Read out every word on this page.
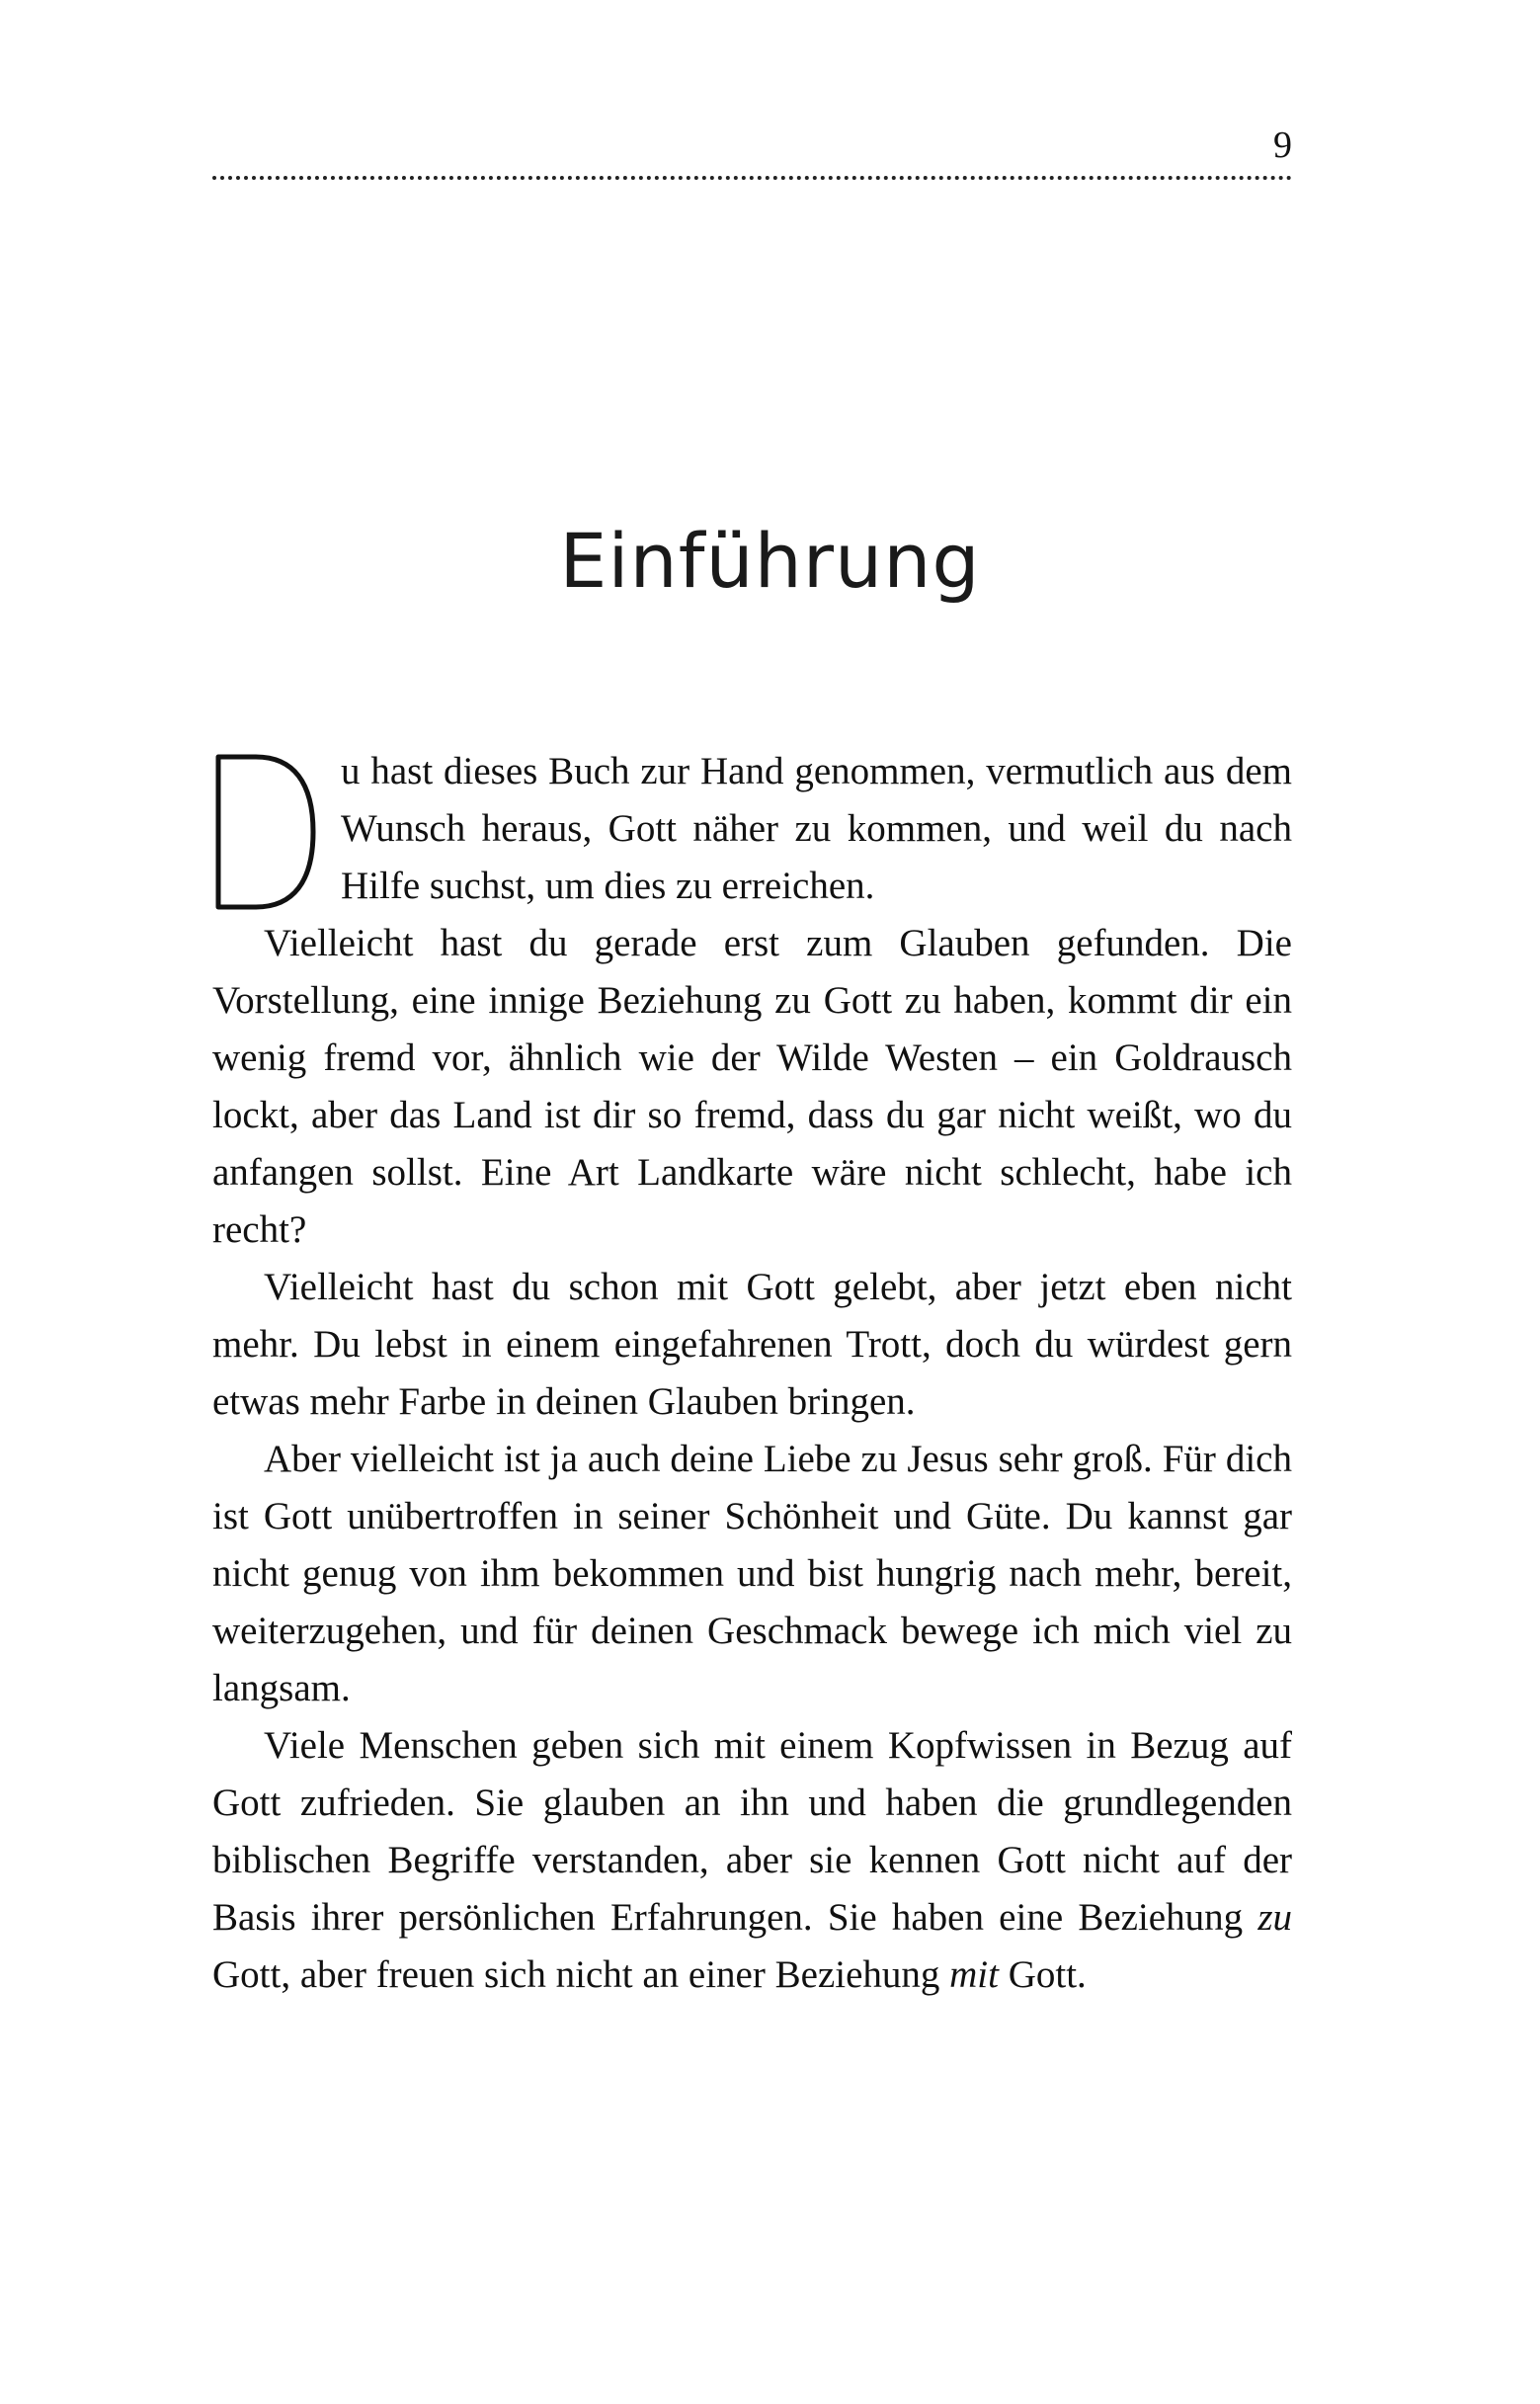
9
Einführung

u hast dieses Buch zur Hand genommen, vermutlich aus dem Wunsch heraus, Gott näher zu kommen, und weil du nach Hilfe suchst, um dies zu erreichen.

Vielleicht hast du gerade erst zum Glauben gefunden. Die Vorstellung, eine innige Beziehung zu Gott zu haben, kommt dir ein wenig fremd vor, ähnlich wie der Wilde Westen – ein Goldrausch lockt, aber das Land ist dir so fremd, dass du gar nicht weißt, wo du anfangen sollst. Eine Art Landkarte wäre nicht schlecht, habe ich recht?

Vielleicht hast du schon mit Gott gelebt, aber jetzt eben nicht mehr. Du lebst in einem eingefahrenen Trott, doch du würdest gern etwas mehr Farbe in deinen Glauben bringen.

Aber vielleicht ist ja auch deine Liebe zu Jesus sehr groß. Für dich ist Gott unübertroffen in seiner Schönheit und Güte. Du kannst gar nicht genug von ihm bekommen und bist hungrig nach mehr, bereit, weiterzugehen, und für deinen Geschmack bewege ich mich viel zu langsam.

Viele Menschen geben sich mit einem Kopfwissen in Bezug auf Gott zufrieden. Sie glauben an ihn und haben die grundlegenden biblischen Begriffe verstanden, aber sie kennen Gott nicht auf der Basis ihrer persönlichen Erfahrungen. Sie haben eine Beziehung zu Gott, aber freuen sich nicht an einer Beziehung mit Gott.
